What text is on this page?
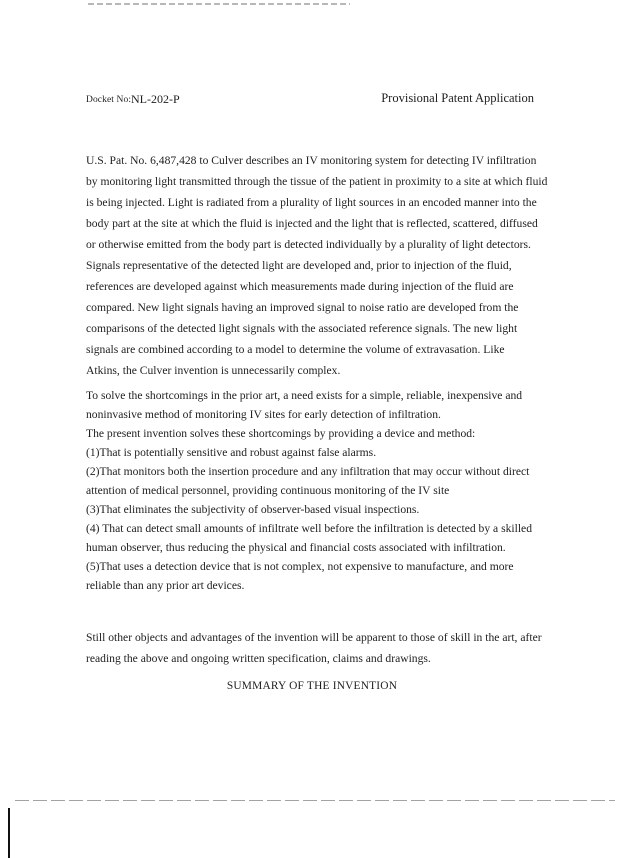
Docket No: NL-202-P	Provisional Patent Application
U.S. Pat. No. 6,487,428 to Culver describes an IV monitoring system for detecting IV infiltration
by monitoring light transmitted through the tissue of the patient in proximity to a site at which fluid
is being injected. Light is radiated from a plurality of light sources in an encoded manner into the
body part at the site at which the fluid is injected and the light that is reflected, scattered, diffused
or otherwise emitted from the body part is detected individually by a plurality of light detectors.
Signals representative of the detected light are developed and, prior to injection of the fluid,
references are developed against which measurements made during injection of the fluid are
compared. New light signals having an improved signal to noise ratio are developed from the
comparisons of the detected light signals with the associated reference signals. The new light
signals are combined according to a model to determine the volume of extravasation. Like
Atkins, the Culver invention is unnecessarily complex.
To solve the shortcomings in the prior art, a need exists for a simple, reliable, inexpensive and
noninvasive method of monitoring IV sites for early detection of infiltration.
The present invention solves these shortcomings by providing a device and method:
(1)That is potentially sensitive and robust against false alarms.
(2)That monitors both the insertion procedure and any infiltration that may occur without direct
attention of medical personnel, providing continuous monitoring of the IV site
(3)That eliminates the subjectivity of observer-based visual inspections.
(4) That can detect small amounts of infiltrate well before the infiltration is detected by a skilled
human observer, thus reducing the physical and financial costs associated with infiltration.
(5)That uses a detection device that is not complex, not expensive to manufacture, and more
reliable than any prior art devices.
Still other objects and advantages of the invention will be apparent to those of skill in the art, after
reading the above and ongoing written specification, claims and drawings.
SUMMARY OF THE INVENTION
